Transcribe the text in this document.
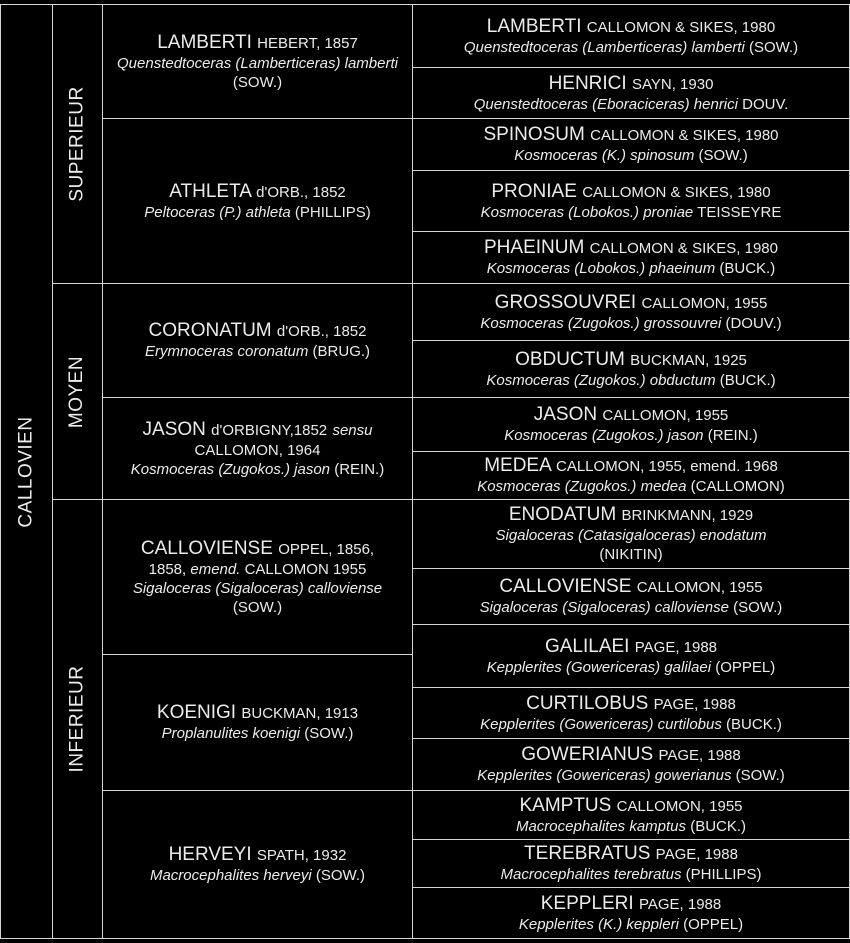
CALLOVIEN
SUPERIEUR
MOYEN
INFERIEUR
LAMBERTI HEBERT, 1857
Quenstedtoceras (Lamberticeras) lamberti (SOW.)
ATHLETA d'ORB., 1852
Peltoceras (P.) athleta (PHILLIPS)
CORONATUM d'ORB., 1852
Erymnoceras coronatum (BRUG.)
JASON d'ORBIGNY,1852 sensu
CALLOMON, 1964
Kosmoceras (Zugokos.) jason (REIN.)
CALLOVIENSE OPPEL, 1856,
1858, emend. CALLOMON 1955
Sigaloceras (Sigaloceras) calloviense (SOW.)
KOENIGI BUCKMAN, 1913
Proplanulites koenigi (SOW.)
HERVEYI SPATH, 1932
Macrocephalites herveyi (SOW.)
LAMBERTI CALLOMON & SIKES, 1980
Quenstedtoceras (Lamberticeras) lamberti (SOW.)
HENRICI SAYN, 1930
Quenstedtoceras (Eboraciceras) henrici DOUV.
SPINOSUM CALLOMON & SIKES, 1980
Kosmoceras (K.) spinosum (SOW.)
PRONIAE CALLOMON & SIKES, 1980
Kosmoceras (Lobokos.) proniae TEISSEYRE
PHAEINUM CALLOMON & SIKES, 1980
Kosmoceras (Lobokos.) phaeinum (BUCK.)
GROSSOUVREI CALLOMON, 1955
Kosmoceras (Zugokos.) grossouvrei (DOUV.)
OBDUCTUM BUCKMAN, 1925
Kosmoceras (Zugokos.) obductum (BUCK.)
JASON CALLOMON, 1955
Kosmoceras (Zugokos.) jason (REIN.)
MEDEA CALLOMON, 1955, emend. 1968
Kosmoceras (Zugokos.) medea (CALLOMON)
ENODATUM BRINKMANN, 1929
Sigaloceras (Catasigaloceras) enodatum
(NIKITIN)
CALLOVIENSE CALLOMON, 1955
Sigaloceras (Sigaloceras) calloviense (SOW.)
GALILAEI PAGE, 1988
Kepplerites (Gowericeras) galilaei (OPPEL)
CURTILOBUS PAGE, 1988
Kepplerites (Gowericeras) curtilobus (BUCK.)
GOWERIANUS PAGE, 1988
Kepplerites (Gowericeras) gowerianus (SOW.)
KAMPTUS CALLOMON, 1955
Macrocephalites kamptus (BUCK.)
TEREBRATUS PAGE, 1988
Macrocephalites terebratus (PHILLIPS)
KEPPLERI PAGE, 1988
Kepplerites (K.) keppleri (OPPEL)
